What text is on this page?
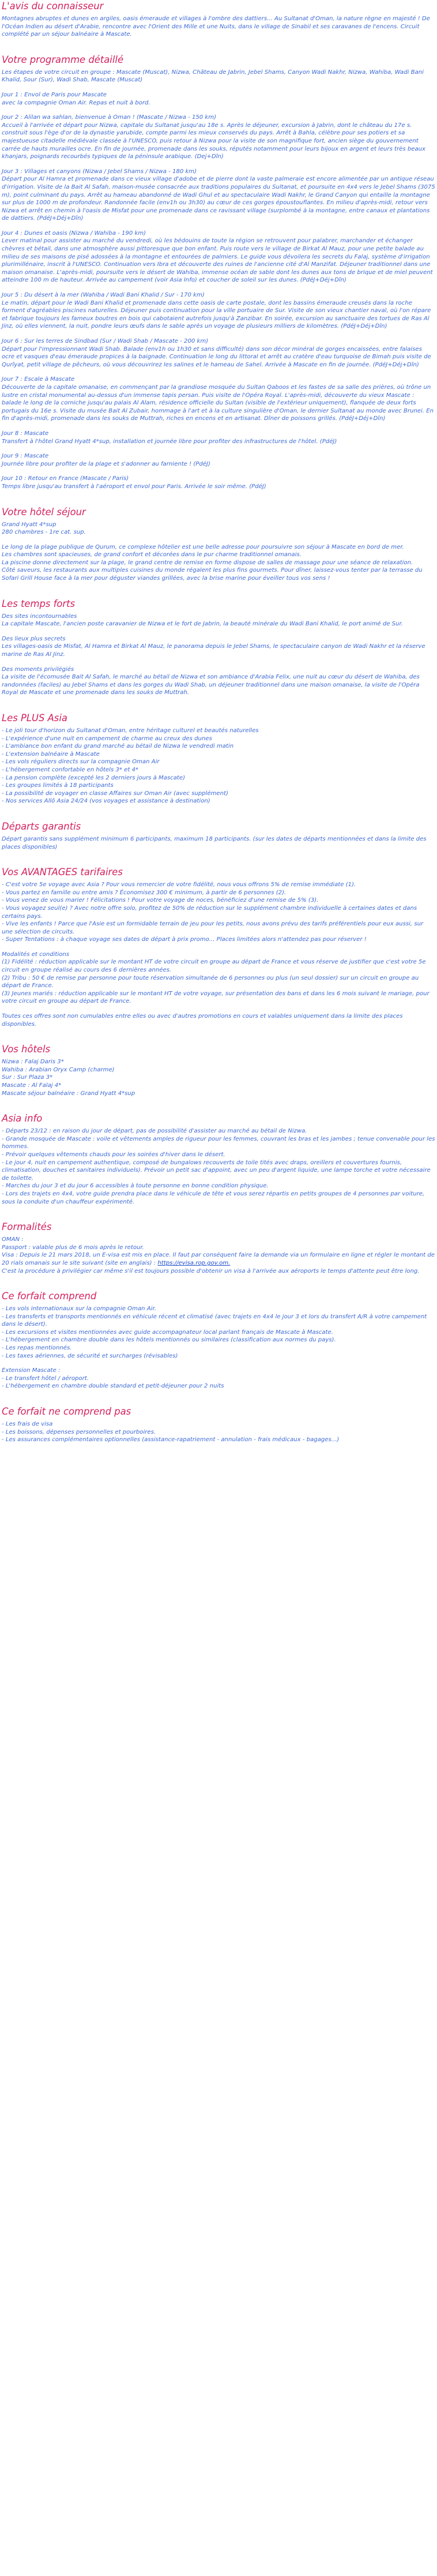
L'avis du connaisseur

Montagnes abruptes et dunes en argiles, oasis émeraude et villages à l'ombre des dattiers... Au Sultanat d'Oman, la nature règne en majesté ! De l'Océan Indien au désert d'Arabie, rencontre avec l'Orient des Mille et une Nuits, dans le village de Sinabil et ses caravanes de l'encens. Circuit complété par un séjour balnéaire à Mascate.

Votre programme détaillé

Les étapes de votre circuit en groupe : Mascate (Muscat), Nizwa, Château de Jabrin, Jebel Shams, Canyon Wadi Nakhr, Nizwa, Wahiba, Wadi Bani Khalid, Sour (Sur), Wadi Shab, Mascate (Muscat)

Jour 1 : Envol de Paris pour Mascate
avec la compagnie Oman Air. Repas et nuit à bord.

Jour 2 : Alilan wa sahlan, bienvenue à Oman ! (Mascate / Nizwa - 150 km)
Accueil à l'arrivée et départ pour Nizwa, capitale du Sultanat jusqu'au 18e s. Après le déjeuner, excursion à Jabrin, dont le château du 17e s. construit sous l'ège d'or de la dynastie yarubide, compte parmi les mieux conservés du pays. Arrêt à Bahla, célèbre pour ses potiers et sa majestueuse citadelle médiévale classée à l'UNESCO, puis retour à Nizwa pour la visite de son magnifique fort, ancien siège du gouvernement carrée de hauts murailles ocre. En fin de journée, promenade dans les souks, réputés notamment pour leurs bijoux en argent et leurs très beaux khanjars, poignards recourbés typiques de la péninsule arabique. (Dej+Dîn)

Jour 3 : Villages et canyons (Nizwa / Jebel Shams / Nizwa - 180 km)
Départ pour Al Hamra et promenade dans ce vieux village d'adobe et de pierre dont la vaste palmeraie est encore alimentée par un antique réseau d'irrigation. Visite de la Bait Al Safah, maison-musée consacrée aux traditions populaires du Sultanat, et poursuite en 4x4 vers le Jebel Shams (3075 m), point culminant du pays. Arrêt au hameau abandonné de Wadi Ghul et au spectaculaire Wadi Nakhr, le Grand Canyon qui entaille la montagne sur plus de 1000 m de profondeur. Randonnée facile (env1h ou 3h30) au cœur de ces gorges époustouflantes. En milieu d'après-midi, retour vers Nizwa et arrêt en chemin à l'oasis de Misfat pour une promenade dans ce ravissant village (surplombé à la montagne, entre canaux et plantations de dattiers. (PdéJ+Déj+Dîn)

Jour 4 : Dunes et oasis (Nizwa / Wahiba - 190 km)
Lever matinal pour assister au marché du vendredi, où les bédouins de toute la région se retrouvent pour palabrer, marchander et échanger chèvres et bétail, dans une atmosphère aussi pittoresque que bon enfant. Puis route vers le village de Birkat Al Mauz, pour une petite balade au milieu de ses maisons de pisé adossées à la montagne et entourées de palmiers. Le guide vous dévoilera les secrets du Falaj, système d'irrigation plurimillénaire, inscrit à l'UNESCO. Continuation vers Ibra et découverte des ruines de l'ancienne cité d'Al Manzifat. Déjeuner traditionnel dans une maison omanaise. L'après-midi, poursuite vers le désert de Wahiba, immense océan de sable dont les dunes aux tons de brique et de miel peuvent atteindre 100 m de hauteur. Arrivée au campement (voir Asia Info) et coucher de soleil sur les dunes. (PdéJ+Déj+Dîn)

Jour 5 : Du désert à la mer (Wahiba / Wadi Bani Khalid / Sur - 170 km)
Le matin, départ pour le Wadi Bani Khalid et promenade dans cette oasis de carte postale, dont les bassins émeraude creusés dans la roche forment d'agréables piscines naturelles. Déjeuner puis continuation pour la ville portuaire de Sur. Visite de son vieux chantier naval, où l'on répare et fabrique toujours les fameux boutres en bois qui cabotaient autrefois jusqu'à Zanzibar. En soirée, excursion au sanctuaire des tortues de Ras Al Jinz, où elles viennent, la nuit, pondre leurs œufs dans le sable après un voyage de plusieurs milliers de kilomètres. (PdéJ+Déj+Dîn)

Jour 6 : Sur les terres de Sindbad (Sur / Wadi Shab / Mascate - 200 km)
Départ pour l'impressionnant Wadi Shab. Balade (env1h ou 1h30 et sans difficulté) dans son décor minéral de gorges encaissées, entre falaises ocre et vasques d'eau émeraude propices à la baignade. Continuation le long du littoral et arrêt au cratère d'eau turquoise de Bimah puis visite de Qurîyat, petit village de pêcheurs, où vous découvrirez les salines et le hameau de Sahel. Arrivée à Mascate en fin de journée. (PdéJ+Déj+Dîn)

Jour 7 : Escale à Mascate
Découverte de la capitale omanaise, en commençant par la grandiose mosquée du Sultan Qaboos et les fastes de sa salle des prières, où trône un lustre en cristal monumental au-dessus d'un immense tapis persan. Puis visite de l'Opéra Royal. L'après-midi, découverte du vieux Mascate : balade le long de la corniche jusqu'au palais Al Alam, résidence officielle du Sultan (visible de l'extérieur uniquement), flanquée de deux forts portugais du 16e s. Visite du musée Bait Al Zubair, hommage à l'art et à la culture singulière d'Oman, le dernier Sultanat au monde avec Brunei. En fin d'après-midi, promenade dans les souks de Muttrah, riches en encens et en artisanat. Dîner de poissons grillés. (PdéJ+Déj+Dîn)

Jour 8 : Mascate
Transfert à l'hôtel Grand Hyatt 4*sup, installation et journée libre pour profiter des infrastructures de l'hôtel. (PdéJ)

Jour 9 : Mascate
Journée libre pour profiter de la plage et s'adonner au farniente ! (PdéJ)

Jour 10 : Retour en France (Mascate / Paris)
Temps libre jusqu'au transfert à l'aéroport et envol pour Paris. Arrivée le soir même. (PdéJ)

Votre hôtel séjour

Grand Hyatt 4*sup
280 chambres - 1re cat. sup.

Le long de la plage publique de Qurum, ce complexe hôtelier est une belle adresse pour poursuivre son séjour à Mascate en bord de mer.
Les chambres sont spacieuses, de grand confort et décorées dans le pur charme traditionnel omanais.
La piscine donne directement sur la plage, le grand centre de remise en forme dispose de salles de massage pour une séance de relaxation.
Côté saveurs, les restaurants aux multiples cuisines du monde régalent les plus fins gourmets. Pour dîner, laissez-vous tenter par la terrasse du Sofari Grill House face à la mer pour déguster viandes grillées, avec la brise marine pour éveiller tous vos sens !

Les temps forts

Des sites incontournables
La capitale Mascate, l'ancien poste caravanier de Nizwa et le fort de Jabrin, la beauté minérale du Wadi Bani Khalid, le port animé de Sur.

Des lieux plus secrets
Les villages-oasis de Misfat, Al Hamra et Birkat Al Mauz, le panorama depuis le Jebel Shams, le spectaculaire canyon de Wadi Nakhr et la réserve marine de Ras Al Jinz.

Des moments privilégiés
La visite de l'écomusée Bait Al Safah, le marché au bétail de Nizwa et son ambiance d'Arabia Felix, une nuit au cœur du désert de Wahiba, des randonnées (faciles) au Jebel Shams et dans les gorges du Wadi Shab, un déjeuner traditionnel dans une maison omanaise, la visite de l'Opéra Royal de Mascate et une promenade dans les souks de Muttrah.

Les PLUS Asia

- Le joli tour d'horizon du Sultanat d'Oman, entre héritage culturel et beautés naturelles
- L'expérience d'une nuit en campement de charme au creux des dunes
- L'ambiance bon enfant du grand marché au bétail de Nizwa le vendredi matin
- L'extension balnéaire à Mascate
- Les vols réguliers directs sur la compagnie Oman Air
- L'hébergement confortable en hôtels 3* et 4*
- La pension complète (excepté les 2 derniers jours à Mascate)
- Les groupes limités à 18 participants
- La possibilité de voyager en classe Affaires sur Oman Air (avec supplément)
- Nos services Allô Asia 24/24 (vos voyages et assistance à destination)

Départs garantis

Départ garantis sans supplément minimum 6 participants, maximum 18 participants. (sur les dates de départs mentionnées et dans la limite des places disponibles)

Vos AVANTAGES tarifaires

- C'est votre 5e voyage avec Asia ? Pour vous remercier de votre fidélité, nous vous offrons 5% de remise immédiate (1).
- Vous partez en famille ou entre amis ? Économisez 300 € minimum, à partir de 6 personnes (2).
- Vous venez de vous marier ! Félicitations ! Pour votre voyage de noces, bénéficiez d'une remise de 5% (3).
- Vous voyagez seul(e) ? Avec notre offre solo, profitez de 50% de réduction sur le supplément chambre individuelle à certaines dates et dans certains pays.
- Vive les enfants ! Parce que l'Asie est un formidable terrain de jeu pour les petits, nous avons prévu des tarifs préférentiels pour eux aussi, sur une sélection de circuits.
- Super Tentations : à chaque voyage ses dates de départ à prix promo... Places limitées alors n'attendez pas pour réserver !

Modalités et conditions
(1) Fidélité : réduction applicable sur le montant HT de votre circuit en groupe au départ de France et vous réserve de justifier que c'est votre 5e circuit en groupe réalisé au cours des 6 dernières années.
(2) Tribu : 50 € de remise par personne pour toute réservation simultanée de 6 personnes ou plus (un seul dossier) sur un circuit en groupe au départ de France.
(3) Jeunes mariés : réduction applicable sur le montant HT de votre voyage, sur présentation des bans et dans les 6 mois suivant le mariage, pour votre circuit en groupe au départ de France.

Toutes ces offres sont non cumulables entre elles ou avec d'autres promotions en cours et valables uniquement dans la limite des places disponibles.

Vos hôtels

Nizwa : Falaj Daris 3*
Wahiba : Arabian Oryx Camp (charme)
Sur : Sur Plaza 3*
Mascate : Al Falaj 4*
Mascate séjour balnéaire : Grand Hyatt 4*sup

Asia info

- Départs 23/12 : en raison du jour de départ, pas de possibilité d'assister au marché au bétail de Nizwa.
- Grande mosquée de Mascate : voile et vêtements amples de rigueur pour les femmes, couvrant les bras et les jambes ; tenue convenable pour les hommes.
- Prévoir quelques vêtements chauds pour les soirées d'hiver dans le désert.
- Le jour 4, nuit en campement authentique, composé de bungalows recouverts de toile tités avec draps, oreillers et couvertures fournis, climatisation, douches et sanitaires individuels). Prévoir un petit sac d'appoint, avec un peu d'argent liquide, une lampe torche et votre nécessaire de toilette.
- Marches du jour 3 et du jour 6 accessibles à toute personne en bonne condition physique.
- Lors des trajets en 4x4, votre guide prendra place dans le véhicule de tête et vous serez répartis en petits groupes de 4 personnes par voiture, sous la conduite d'un chauffeur expérimenté.

Formalités

OMAN :
Passport : valable plus de 6 mois après le retour.
Visa : Depuis le 21 mars 2018, un E-visa est mis en place. Il faut par conséquent faire la demande via un formulaire en ligne et régler le montant de 20 rials omanais sur le site suivant (site en anglais) : https://evisa.rop.gov.om.
C'est la procédure à privilégier car même s'il est toujours possible d'obtenir un visa à l'arrivée aux aéroports le temps d'attente peut être long.

Ce forfait comprend

- Les vols internationaux sur la compagnie Oman Air.
- Les transferts et transports mentionnés en véhicule récent et climatisé (avec trajets en 4x4 le jour 3 et lors du transfert A/R à votre campement dans le désert).
- Les excursions et visites mentionnées avec guide accompagnateur local parlant français de Mascate à Mascate.
- L'hébergement en chambre double dans les hôtels mentionnés ou similaires (classification aux normes du pays).
- Les repas mentionnés.
- Les taxes aériennes, de sécurité et surcharges (révisables)

Extension Mascate :
- Le transfert hôtel / aéroport.
- L'hébergement en chambre double standard et petit-déjeuner pour 2 nuits

Ce forfait ne comprend pas

- Les frais de visa
- Les boissons, dépenses personnelles et pourboires.
- Les assurances complémentaires optionnelles (assistance-rapatriement - annulation - frais médicaux - bagages...)
